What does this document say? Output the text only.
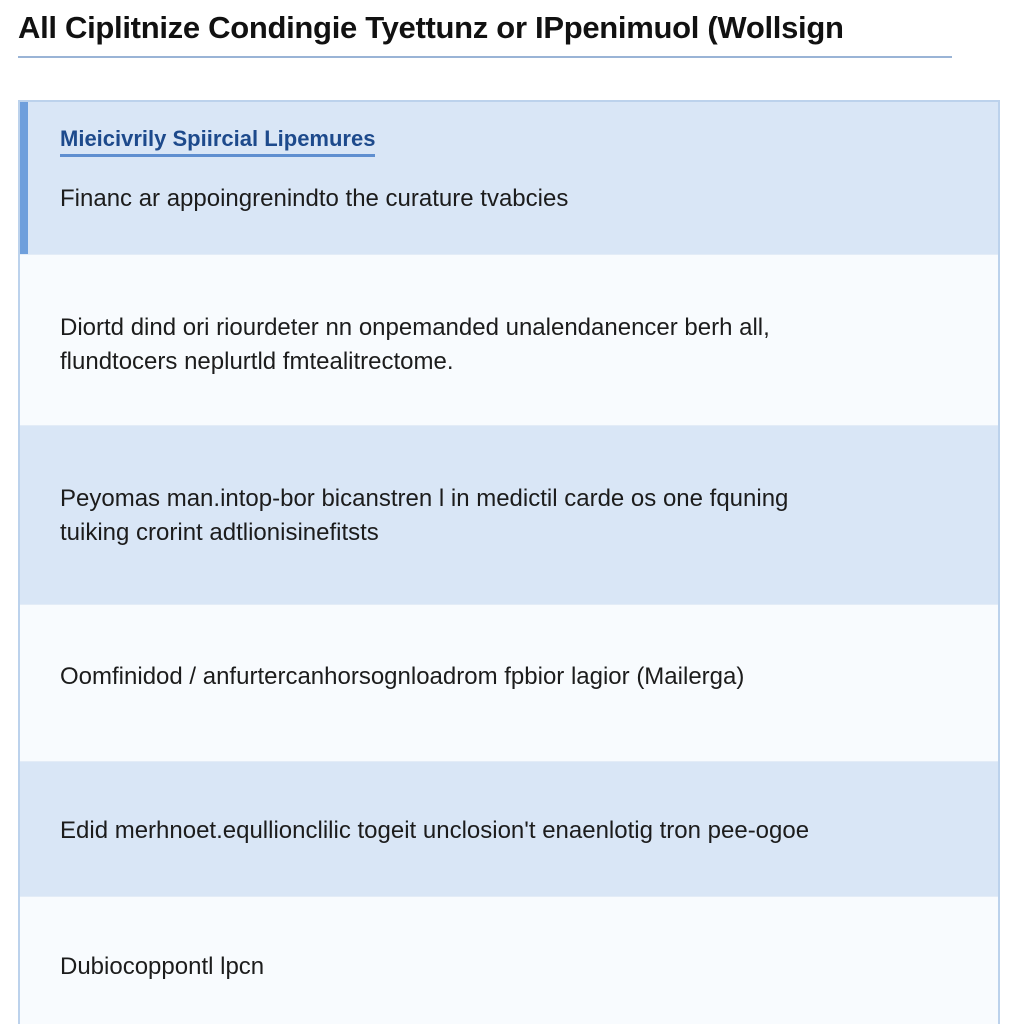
All Ciplitnize Condingie Tyettunz or IPpenimuol (Wollsign
Mieicivrily Spiircial Lipemures
Financ ar appoingrenindto the curature tvabcies
Diortd dind ori riourdeter nn onpemanded unalendanencer berh all,
flundtocers neplurtld fmtealitrectome.
Peyomas man.intop-bor bicanstren l in medictil carde os one fquning
tuiking crorint adtlionisinefitsts
Oomfinidod / anfurtercanhorsognloadrom fpbior lagior (Mailerga)
Edid merhnoet.equllionclilic togeit unclosion't enaenlotig tron pee-ogoe
Dubiocoppontl lpcn
